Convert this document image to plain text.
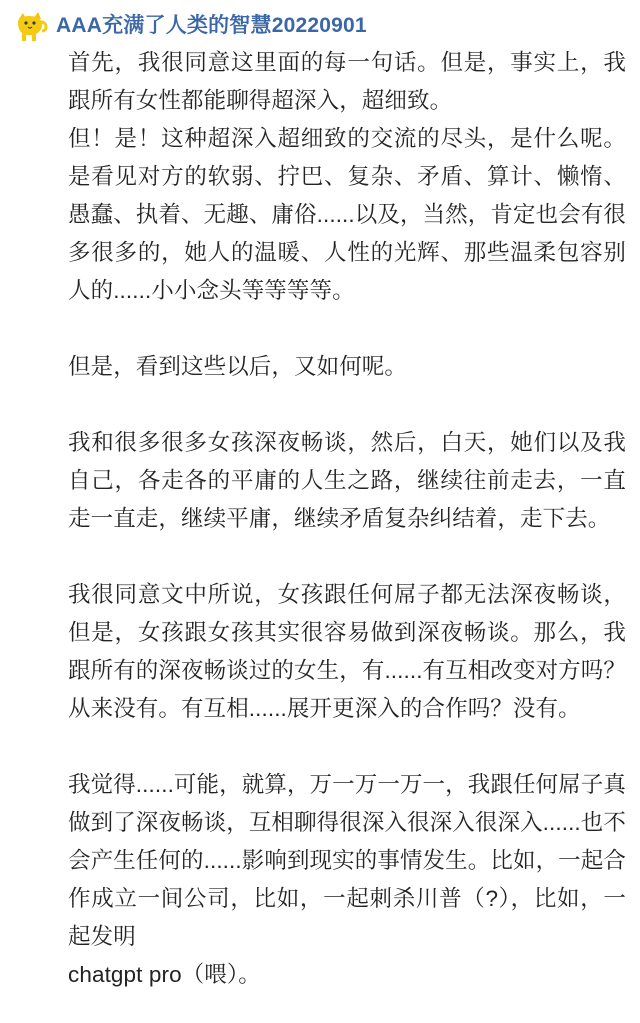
AAA充满了人类的智慧20220901
首先，我很同意这里面的每一句话。但是，事实上，我跟所有女性都能聊得超深入，超细致。
但！是！这种超深入超细致的交流的尽头，是什么呢。是看见对方的软弱、拧巴、复杂、矛盾、算计、懒惰、愚蠢、执着、无趣、庸俗......以及，当然，肯定也会有很多很多的，她人的温暖、人性的光辉、那些温柔包容别人的......小小念头等等等等。
但是，看到这些以后，又如何呢。
我和很多很多女孩深夜畅谈，然后，白天，她们以及我自己，各走各的平庸的人生之路，继续往前走去，一直走一直走，继续平庸，继续矛盾复杂纠结着，走下去。
我很同意文中所说，女孩跟任何屌子都无法深夜畅谈，但是，女孩跟女孩其实很容易做到深夜畅谈。那么，我跟所有的深夜畅谈过的女生，有......有互相改变对方吗？从来没有。有互相......展开更深入的合作吗？没有。
我觉得......可能，就算，万一万一万一，我跟任何屌子真做到了深夜畅谈，互相聊得很深入很深入很深入......也不会产生任何的......影响到现实的事情发生。比如，一起合作成立一间公司，比如，一起刺杀川普（?），比如，一起发明
chatgpt pro（喂）。
